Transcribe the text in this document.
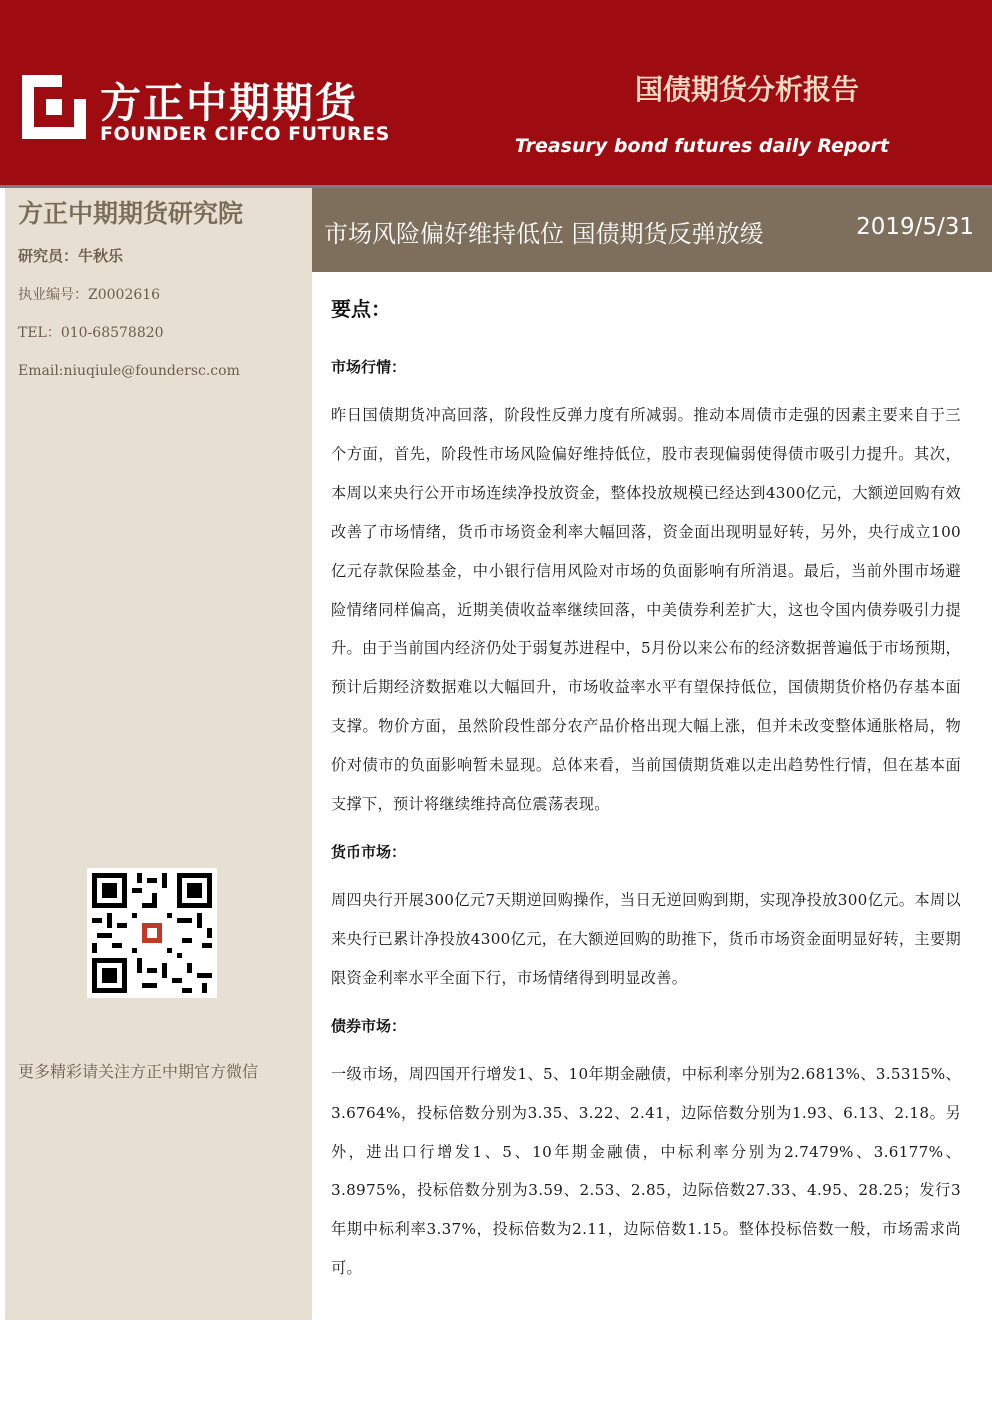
方正中期期货
FOUNDER CIFCO FUTURES
国债期货分析报告
Treasury bond futures daily Report
方正中期期货研究院
研究员：牛秋乐
执业编号：Z0002616
TEL：010-68578820
Email:niuqiule@foundersc.com
更多精彩请关注方正中期官方微信
市场风险偏好维持低位 国债期货反弹放缓	2019/5/31
要点：
市场行情：
昨日国债期货冲高回落，阶段性反弹力度有所减弱。推动本周债市走强的因素主要来自于三个方面，首先，阶段性市场风险偏好维持低位，股市表现偏弱使得债市吸引力提升。其次，本周以来央行公开市场连续净投放资金，整体投放规模已经达到4300亿元，大额逆回购有效改善了市场情绪，货币市场资金利率大幅回落，资金面出现明显好转，另外，央行成立100亿元存款保险基金，中小银行信用风险对市场的负面影响有所消退。最后，当前外围市场避险情绪同样偏高，近期美债收益率继续回落，中美债券利差扩大，这也令国内债券吸引力提升。由于当前国内经济仍处于弱复苏进程中，5月份以来公布的经济数据普遍低于市场预期，预计后期经济数据难以大幅回升，市场收益率水平有望保持低位，国债期货价格仍存基本面支撑。物价方面，虽然阶段性部分农产品价格出现大幅上涨，但并未改变整体通胀格局，物价对债市的负面影响暂未显现。总体来看，当前国债期货难以走出趋势性行情，但在基本面支撑下，预计将继续维持高位震荡表现。
货币市场：
周四央行开展300亿元7天期逆回购操作，当日无逆回购到期，实现净投放300亿元。本周以来央行已累计净投放4300亿元，在大额逆回购的助推下，货币市场资金面明显好转，主要期限资金利率水平全面下行，市场情绪得到明显改善。
债券市场：
一级市场，周四国开行增发1、5、10年期金融债，中标利率分别为2.6813%、3.5315%、3.6764%，投标倍数分别为3.35、3.22、2.41，边际倍数分别为1.93、6.13、2.18。另外，进出口行增发1、5、10年期金融债，中标利率分别为2.7479%、3.6177%、3.8975%，投标倍数分别为3.59、2.53、2.85，边际倍数27.33、4.95、28.25；发行3年期中标利率3.37%，投标倍数为2.11，边际倍数1.15。整体投标倍数一般，市场需求尚可。
